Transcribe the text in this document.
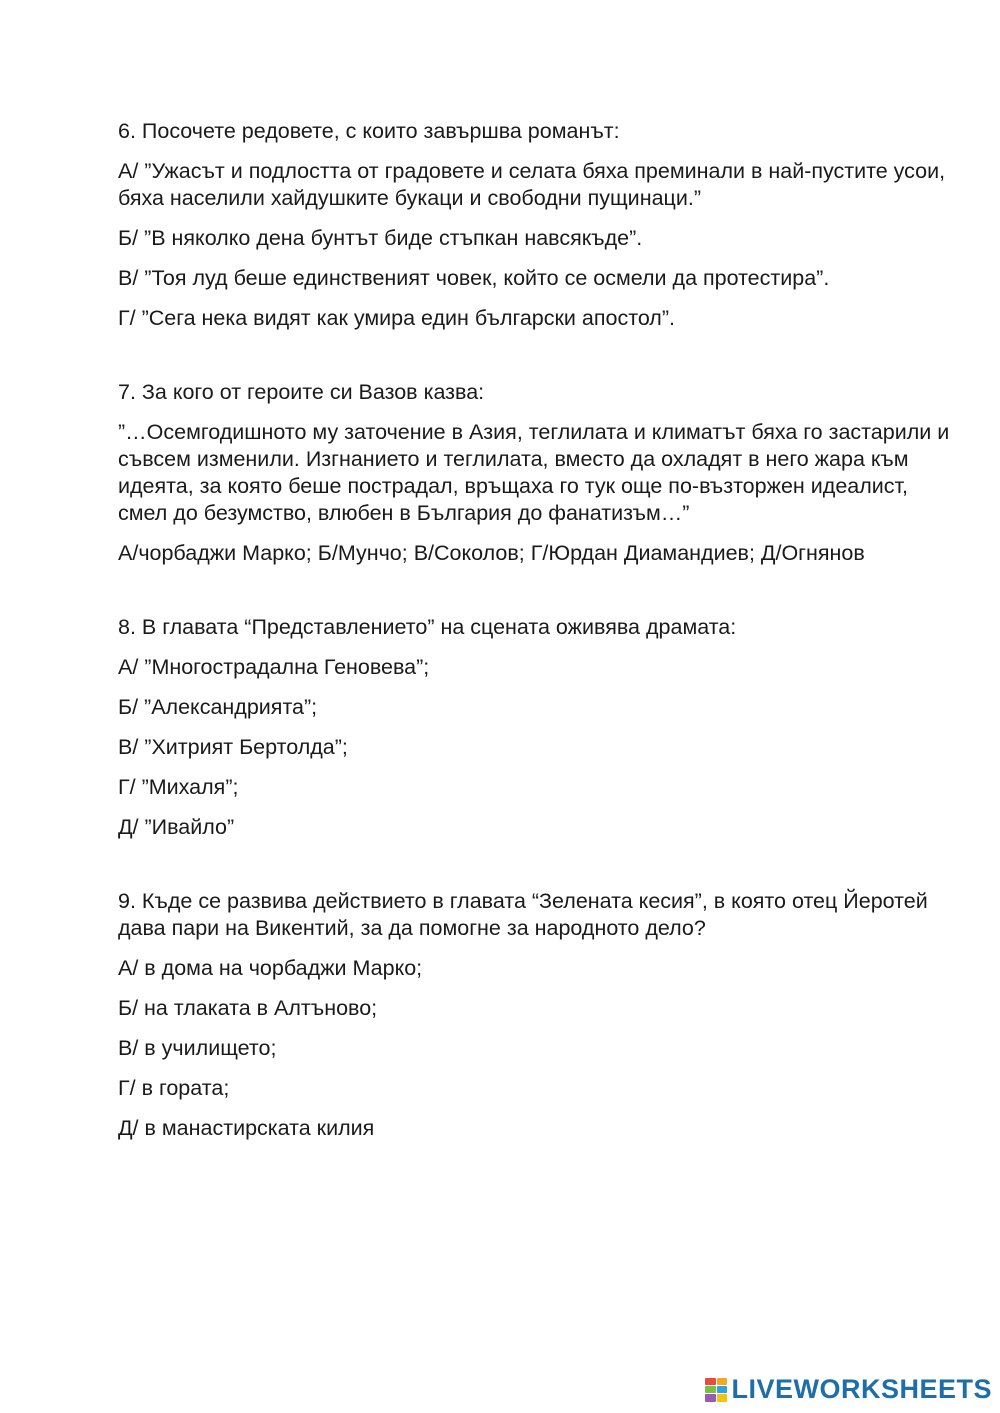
6. Посочете редовете, с които завършва романът:

А/ ”Ужасът и подлостта от градовете и селата бяха преминали в най-пустите усои, бяха населили хайдушките букаци и свободни пущинаци.”

Б/ ”В няколко дена бунтът биде стъпкан навсякъде”.

В/ ”Тоя луд беше единственият човек, който се осмели да протестира”.

Г/ ”Сега нека видят как умира един български апостол”.

7. За кого от героите си Вазов казва:

”…Осемгодишното му заточение в Азия, теглилата и климатът бяха го застарили и съвсем изменили. Изгнанието и теглилата, вместо да охладят в него жара към идеята, за която беше пострадал, връщаха го тук още по-възторжен идеалист, смел до безумство, влюбен в България до фанатизъм…”

А/чорбаджи Марко; Б/Мунчо; В/Соколов; Г/Юрдан Диамандиев; Д/Огнянов

8. В главата “Представлението” на сцената оживява драмата:

А/ ”Многострадална Геновева”;

Б/ ”Александрията”;

В/ ”Хитрият Бертолда”;

Г/ ”Михаля”;

Д/ ”Ивайло”

9. Къде се развива действието в главата “Зелената кесия”, в която отец Йеротей дава пари на Викентий, за да помогне за народното дело?

А/ в дома на чорбаджи Марко;

Б/ на тлаката в Алтъново;

В/ в училището;

Г/ в гората;

Д/ в манастирската килия

LIVEWORKSHEETS
